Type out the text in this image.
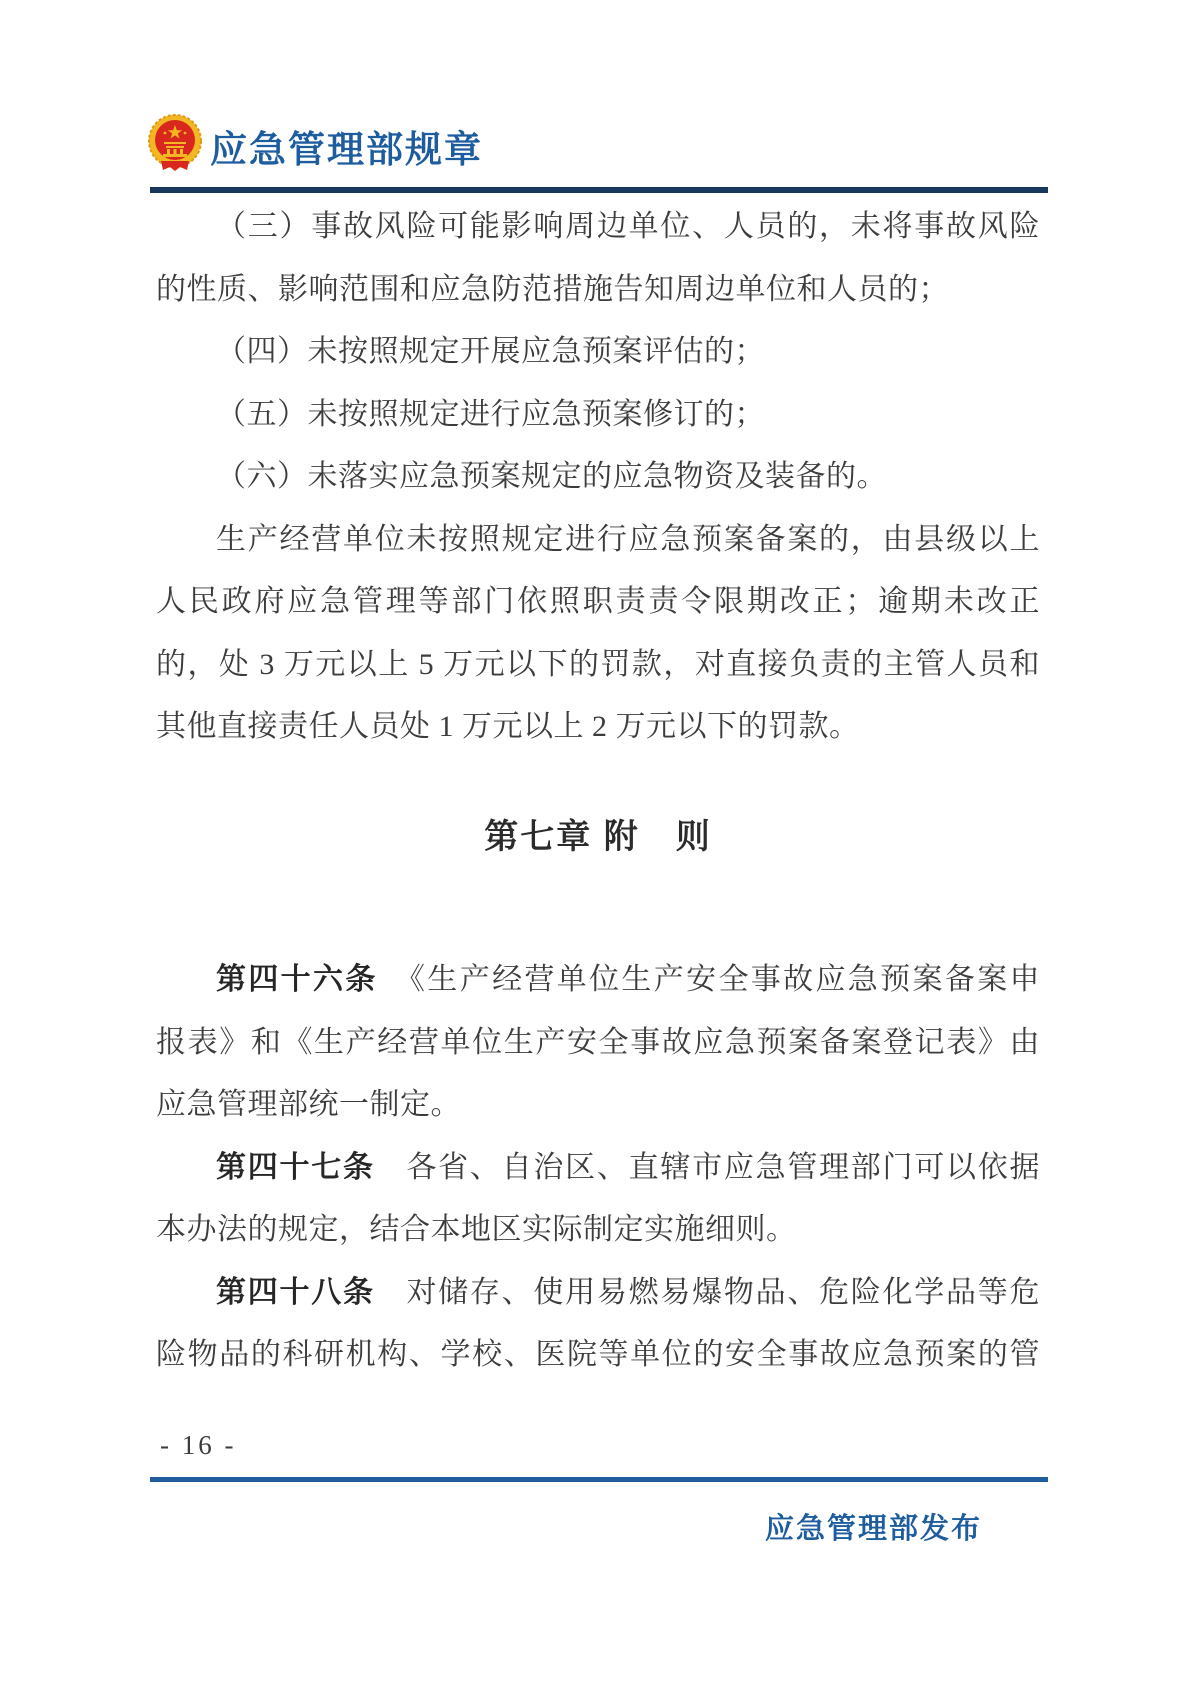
应急管理部规章
（三）事故风险可能影响周边单位、人员的，未将事故风险
的性质、影响范围和应急防范措施告知周边单位和人员的；
（四）未按照规定开展应急预案评估的；
（五）未按照规定进行应急预案修订的；
（六）未落实应急预案规定的应急物资及装备的。
生产经营单位未按照规定进行应急预案备案的，由县级以上
人民政府应急管理等部门依照职责责令限期改正；逾期未改正
的，处 3 万元以上 5 万元以下的罚款，对直接负责的主管人员和
其他直接责任人员处 1 万元以上 2 万元以下的罚款。
第七章 附　则
第四十六条　《生产经营单位生产安全事故应急预案备案申
报表》和《生产经营单位生产安全事故应急预案备案登记表》由
应急管理部统一制定。
第四十七条　各省、自治区、直辖市应急管理部门可以依据
本办法的规定，结合本地区实际制定实施细则。
第四十八条　对储存、使用易燃易爆物品、危险化学品等危
险物品的科研机构、学校、医院等单位的安全事故应急预案的管
- 16 -
应急管理部发布
